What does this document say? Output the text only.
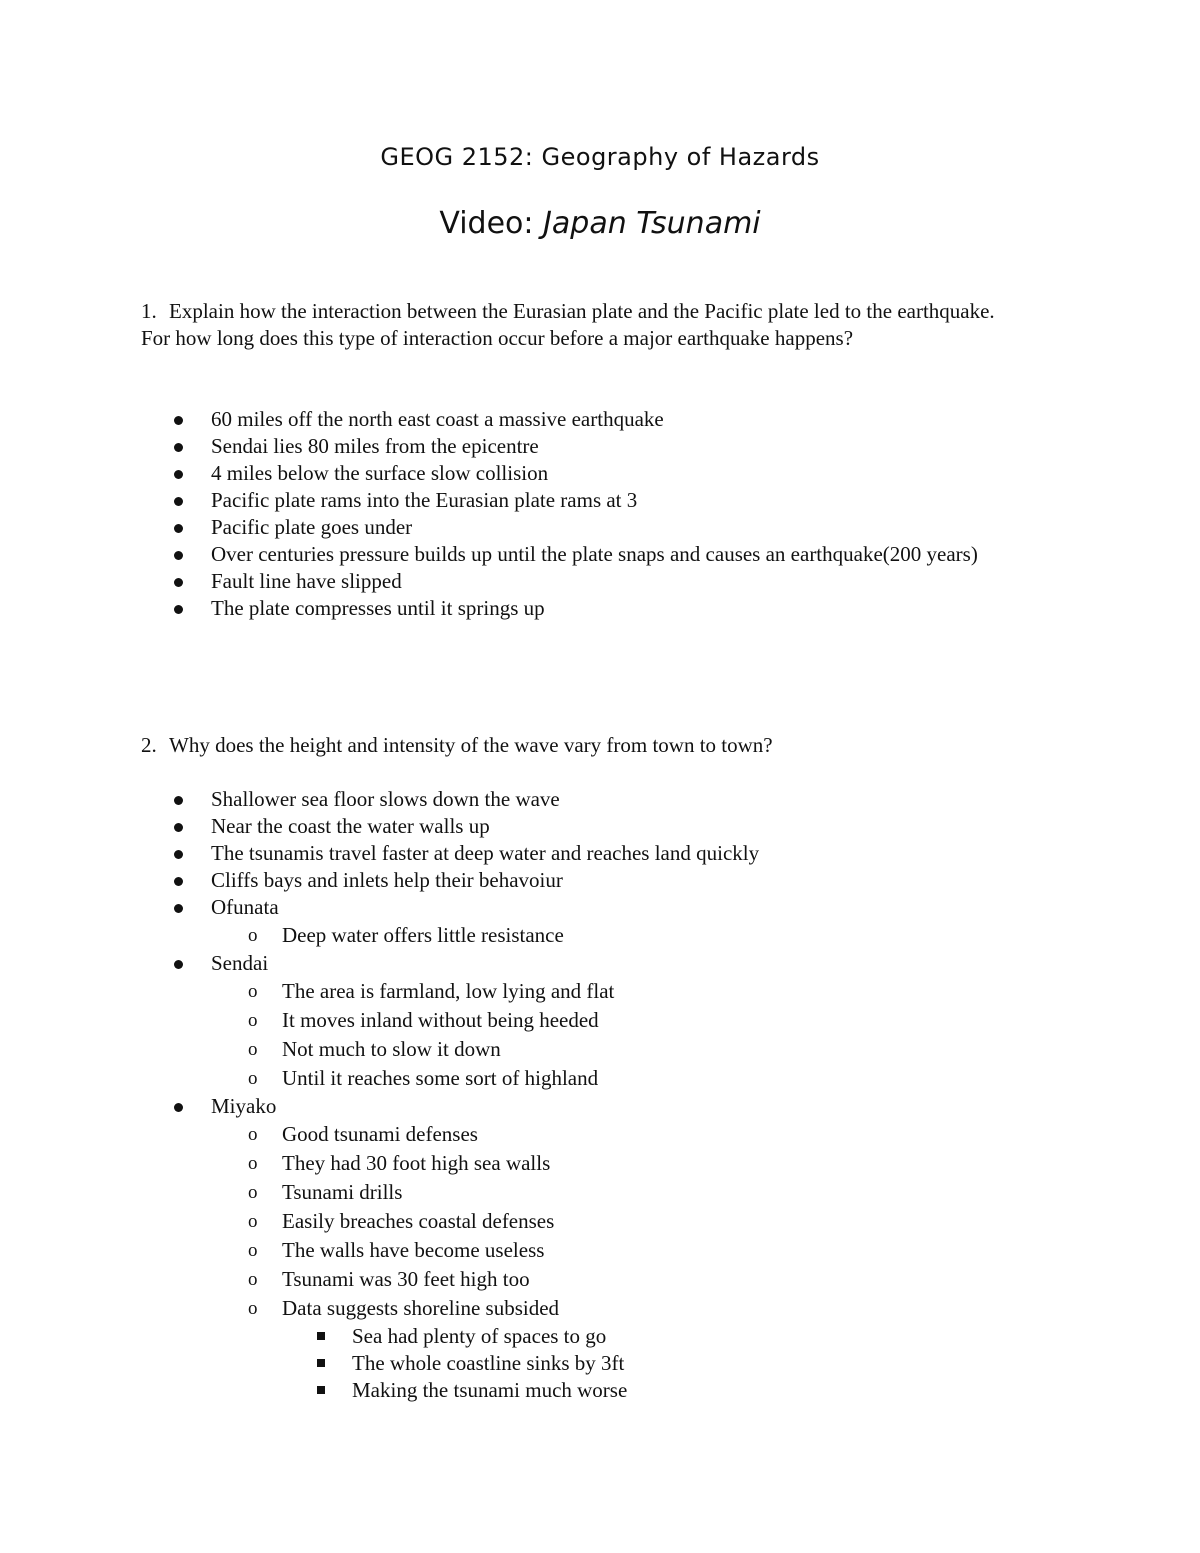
GEOG 2152: Geography of Hazards
Video: Japan Tsunami
1. Explain how the interaction between the Eurasian plate and the Pacific plate led to the earthquake. For how long does this type of interaction occur before a major earthquake happens?
60 miles off the north east coast a massive earthquake
Sendai lies 80 miles from the epicentre
4 miles below the surface slow collision
Pacific plate rams into the Eurasian plate rams at 3
Pacific plate goes under
Over centuries pressure builds up until the plate snaps and causes an earthquake(200 years)
Fault line have slipped
The plate compresses until it springs up
2. Why does the height and intensity of the wave vary from town to town?
Shallower sea floor slows down the wave
Near the coast the water walls up
The tsunamis travel faster at deep water and reaches land quickly
Cliffs bays and inlets help their behavoiur
Ofunata
o Deep water offers little resistance
Sendai
o The area is farmland, low lying and flat
o It moves inland without being heeded
o Not much to slow it down
o Until it reaches some sort of highland
Miyako
o Good tsunami defenses
o They had 30 foot high sea walls
o Tsunami drills
o Easily breaches coastal defenses
o The walls have become useless
o Tsunami was 30 feet high too
o Data suggests shoreline subsided
Sea had plenty of spaces to go
The whole coastline sinks by 3ft
Making the tsunami much worse
